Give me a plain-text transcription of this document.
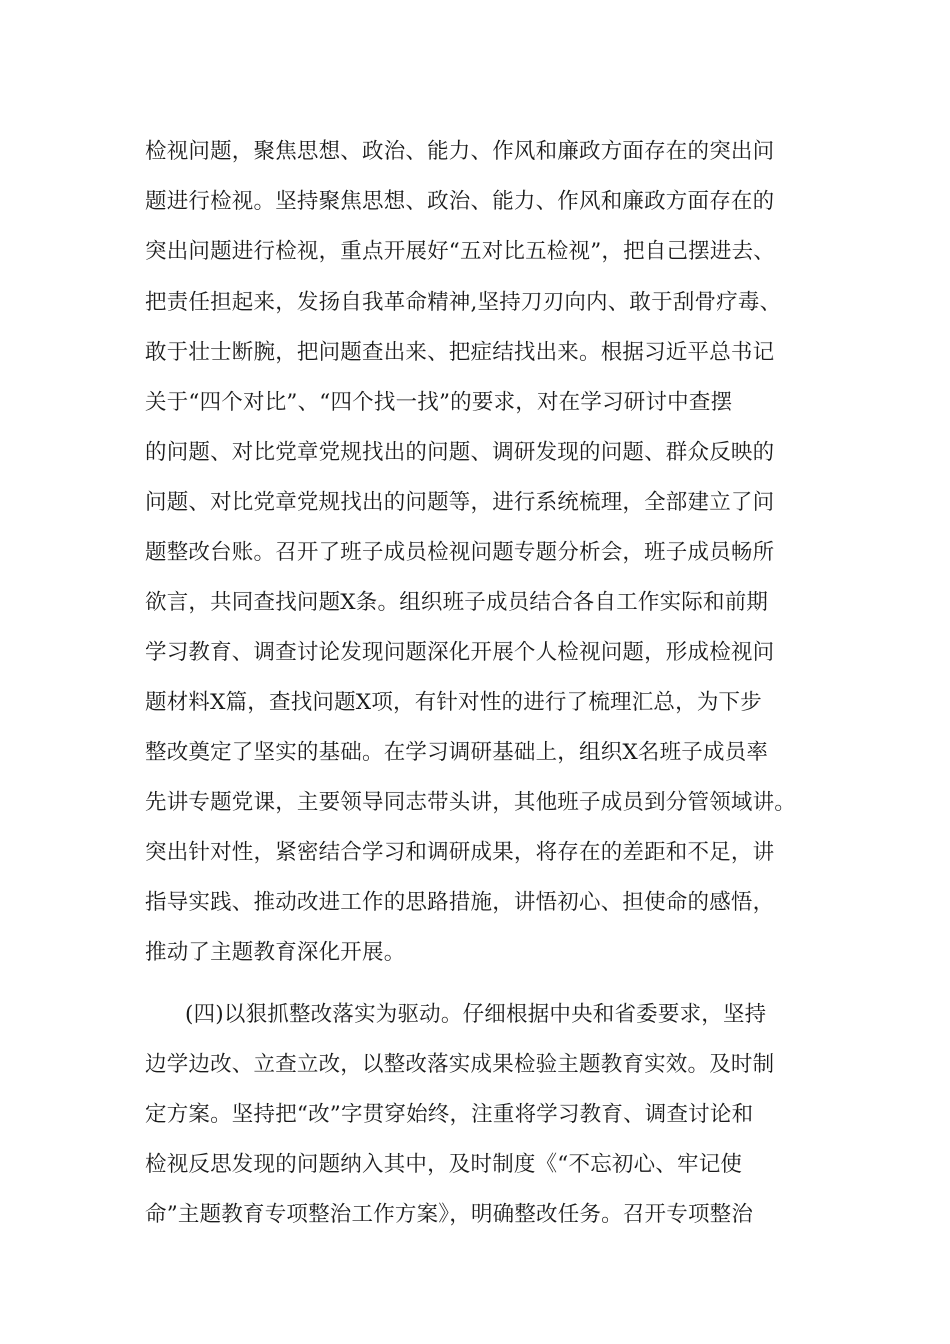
检视问题，聚焦思想、政治、能力、作风和廉政方面存在的突出问
题进行检视。坚持聚焦思想、政治、能力、作风和廉政方面存在的
突出问题进行检视，重点开展好“五对比五检视”，把自己摆进去、
把责任担起来，发扬自我革命精神,坚持刀刃向内、敢于刮骨疗毒、
敢于壮士断腕，把问题查出来、把症结找出来。根据习近平总书记
关于“四个对比”、“四个找一找”的要求，对在学习研讨中查摆
的问题、对比党章党规找出的问题、调研发现的问题、群众反映的
问题、对比党章党规找出的问题等，进行系统梳理，全部建立了问
题整改台账。召开了班子成员检视问题专题分析会，班子成员畅所
欲言，共同查找问题X条。组织班子成员结合各自工作实际和前期
学习教育、调查讨论发现问题深化开展个人检视问题，形成检视问
题材料X篇，查找问题X项，有针对性的进行了梳理汇总，为下步
整改奠定了坚实的基础。在学习调研基础上，组织X名班子成员率
先讲专题党课，主要领导同志带头讲，其他班子成员到分管领域讲。
突出针对性，紧密结合学习和调研成果，将存在的差距和不足，讲
指导实践、推动改进工作的思路措施，讲悟初心、担使命的感悟，
推动了主题教育深化开展。
(四)以狠抓整改落实为驱动。仔细根据中央和省委要求，坚持
边学边改、立查立改，以整改落实成果检验主题教育实效。及时制
定方案。坚持把“改”字贯穿始终，注重将学习教育、调查讨论和
检视反思发现的问题纳入其中，及时制度《“不忘初心、牢记使
命”主题教育专项整治工作方案》，明确整改任务。召开专项整治
